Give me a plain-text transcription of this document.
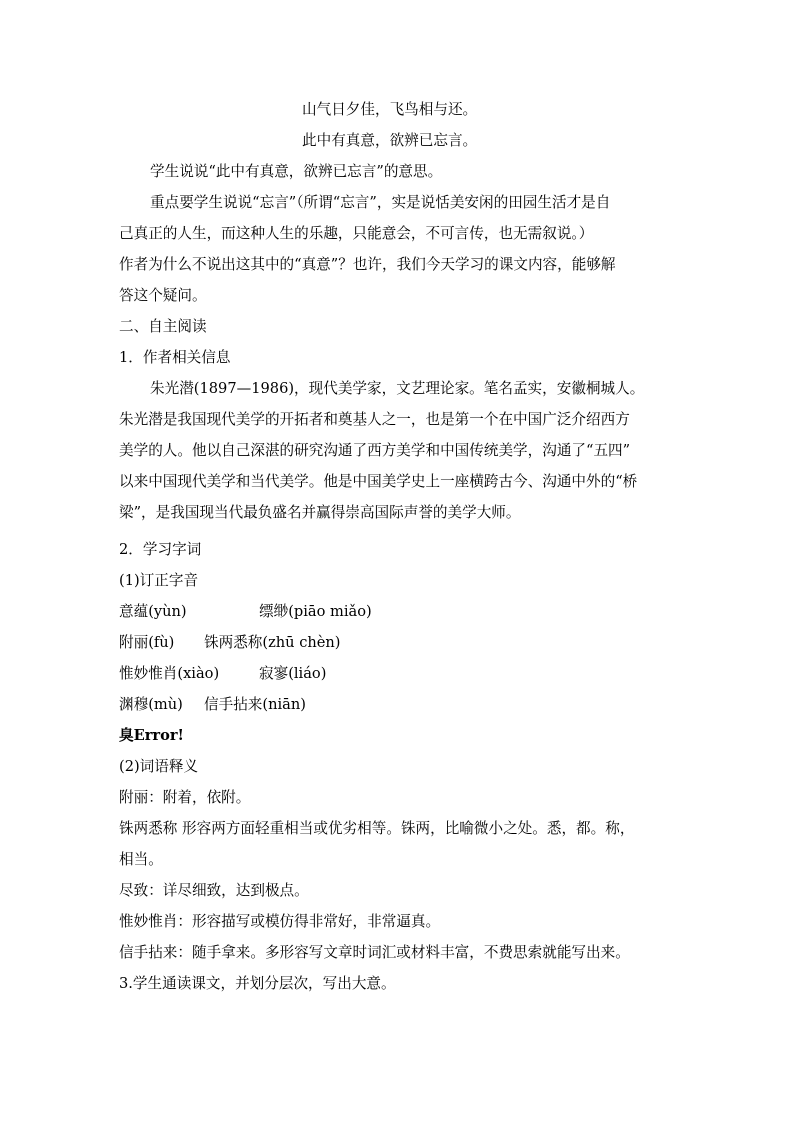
山气日夕佳，飞鸟相与还。
此中有真意，欲辨已忘言。
学生说说“此中有真意，欲辨已忘言”的意思。
重点要学生说说“忘言”（所谓“忘言”，实是说恬美安闲的田园生活才是自
己真正的人生，而这种人生的乐趣，只能意会，不可言传，也无需叙说。）
作者为什么不说出这其中的“真意”？也许，我们今天学习的课文内容，能够解
答这个疑问。
二、自主阅读
1．作者相关信息
朱光潜(1897—1986)，现代美学家，文艺理论家。笔名孟实，安徽桐城人。
朱光潜是我国现代美学的开拓者和奠基人之一，也是第一个在中国广泛介绍西方
美学的人。他以自己深湛的研究沟通了西方美学和中国传统美学，沟通了“五四”
以来中国现代美学和当代美学。他是中国美学史上一座横跨古今、沟通中外的“桥
梁”，是我国现当代最负盛名并赢得崇高国际声誉的美学大师。
2．学习字词
(1)订正字音
意蕴(yùn)	缥缈(piāo miǎo)
附丽(fù) 铢两悉称(zhū chèn)
惟妙惟肖(xiào)	寂寥(liáo)
渊穆(mù) 信手拈来(niān)
臭Error!
(2)词语释义
附丽：附着，依附。
铢两悉称 形容两方面轻重相当或优劣相等。铢两，比喻微小之处。悉，都。称，
相当。
尽致：详尽细致，达到极点。
惟妙惟肖：形容描写或模仿得非常好，非常逼真。
信手拈来：随手拿来。多形容写文章时词汇或材料丰富，不费思索就能写出来。
3.学生通读课文，并划分层次，写出大意。
